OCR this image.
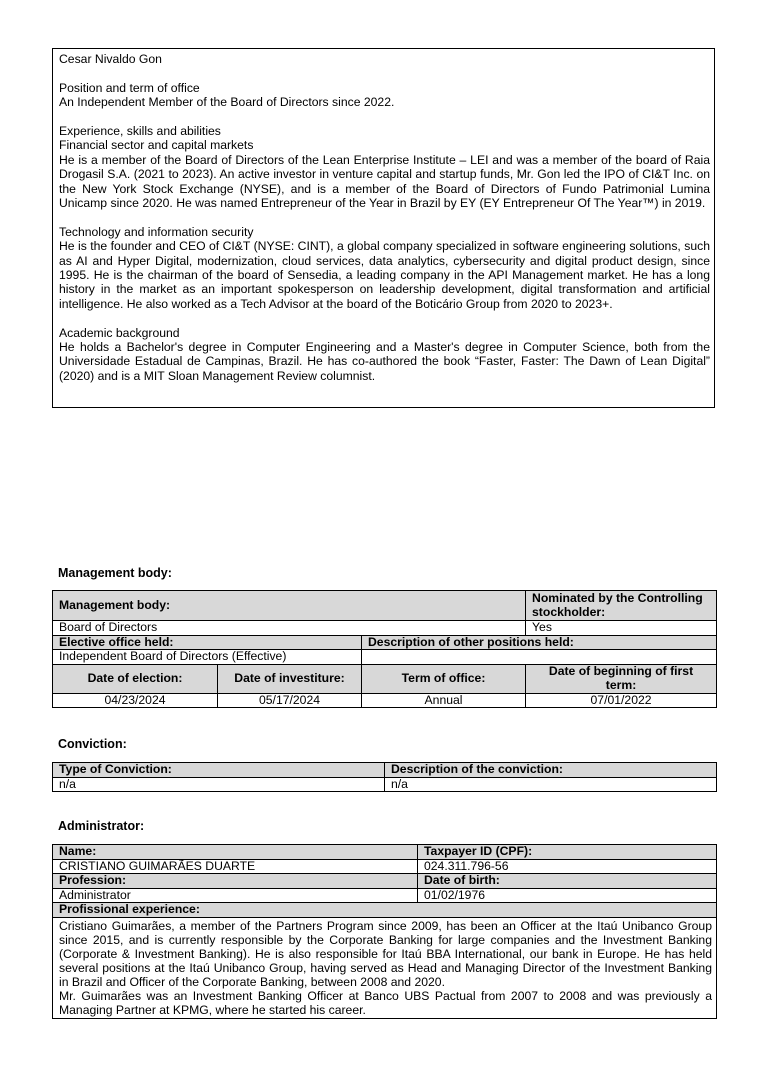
Cesar Nivaldo Gon

Position and term of office

An Independent Member of the Board of Directors since 2022.

Experience, skills and abilities

Financial sector and capital markets

He is a member of the Board of Directors of the Lean Enterprise Institute – LEI and was a member of the board of Raia Drogasil S.A. (2021 to 2023). An active investor in venture capital and startup funds, Mr. Gon led the IPO of CI&T Inc. on the New York Stock Exchange (NYSE), and is a member of the Board of Directors of Fundo Patrimonial Lumina Unicamp since 2020. He was named Entrepreneur of the Year in Brazil by EY (EY Entrepreneur Of The Year™) in 2019.

Technology and information security

He is the founder and CEO of CI&T (NYSE: CINT), a global company specialized in software engineering solutions, such as AI and Hyper Digital, modernization, cloud services, data analytics, cybersecurity and digital product design, since 1995. He is the chairman of the board of Sensedia, a leading company in the API Management market. He has a long history in the market as an important spokesperson on leadership development, digital transformation and artificial intelligence. He also worked as a Tech Advisor at the board of the Boticário Group from 2020 to 2023+.

Academic background

He holds a Bachelor's degree in Computer Engineering and a Master's degree in Computer Science, both from the Universidade Estadual de Campinas, Brazil. He has co-authored the book “Faster, Faster: The Dawn of Lean Digital” (2020) and is a MIT Sloan Management Review columnist.

Management body:
Management body:			Nominated by the Controlling stockholder:
Board of Directors			Yes
Elective office held:		Description of other positions held:	
Independent Board of Directors (Effective)			
Date of election:	Date of investiture:	Term of office:	Date of beginning of first term:
04/23/2024	05/17/2024	Annual	07/01/2022
Conviction:
Type of Conviction:	Description of the conviction:
n/a	n/a
Administrator:
Name:	Taxpayer ID (CPF):
CRISTIANO GUIMARÃES DUARTE	024.311.796-56
Profession:	Date of birth:
Administrator	01/02/1976
Profissional experience:	

Cristiano Guimarães, a member of the Partners Program since 2009, has been an Officer at the Itaú Unibanco Group since 2015, and is currently responsible by the Corporate Banking for large companies and the Investment Banking (Corporate & Investment Banking). He is also responsible for Itaú BBA International, our bank in Europe. He has held several positions at the Itaú Unibanco Group, having served as Head and Managing Director of the Investment Banking in Brazil and Officer of the Corporate Banking, between 2008 and 2020.
Mr. Guimarães was an Investment Banking Officer at Banco UBS Pactual from 2007 to 2008 and was previously a Managing Partner at KPMG, where he started his career.	
